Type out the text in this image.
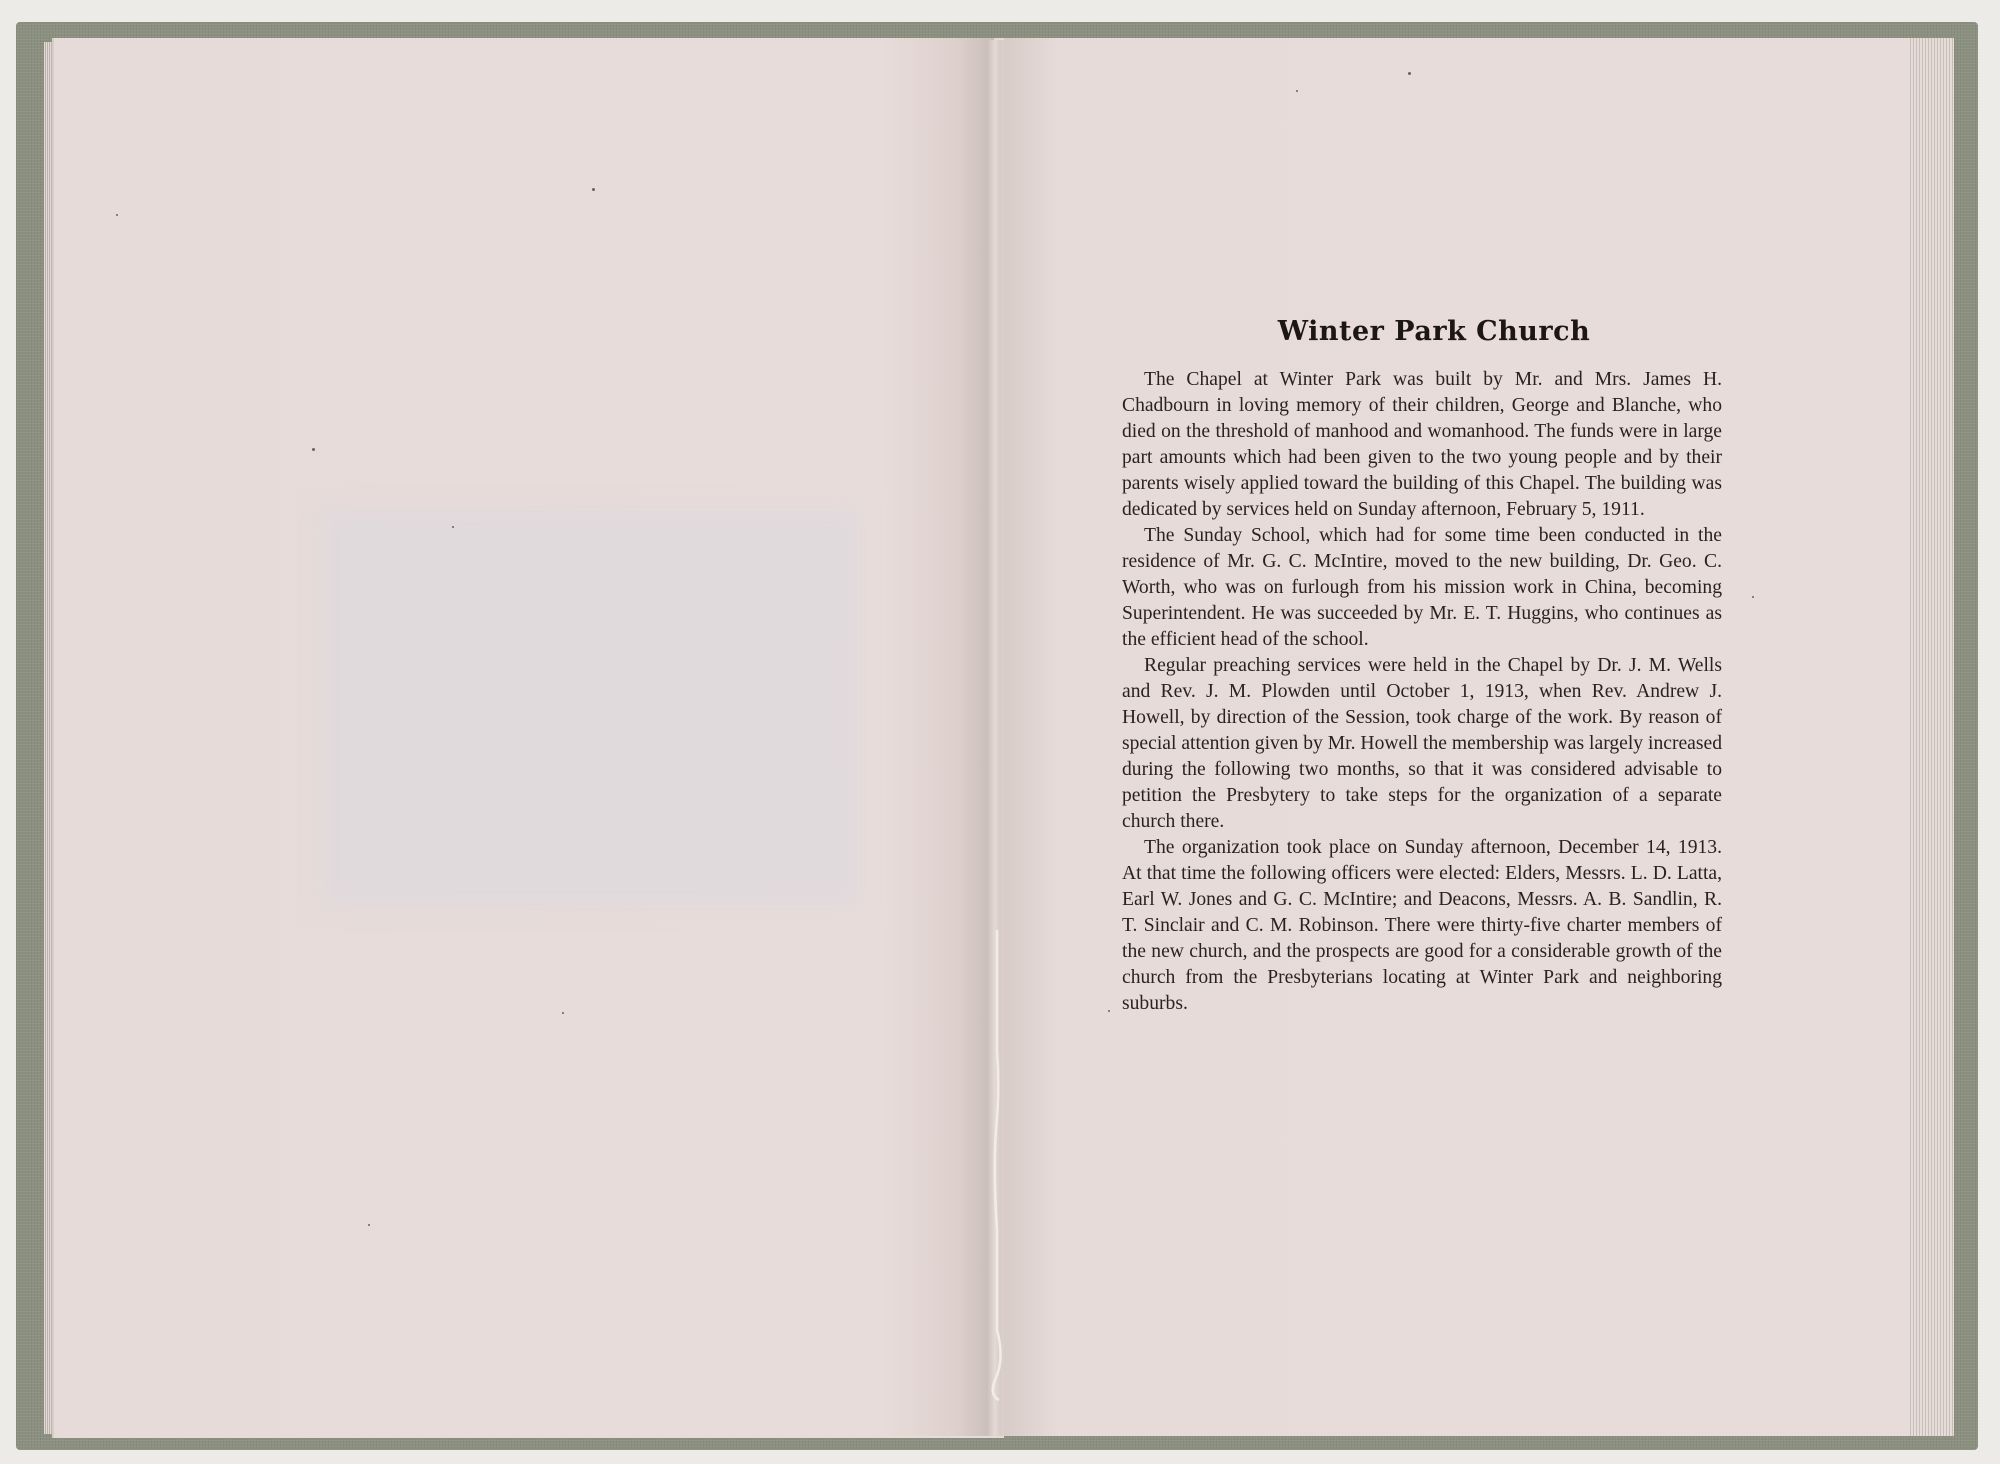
Winter Park Church

The Chapel at Winter Park was built by Mr. and Mrs. James H. Chadbourn in loving memory of their children, George and Blanche, who died on the threshold of manhood and womanhood. The funds were in large part amounts which had been given to the two young people and by their parents wisely applied toward the building of this Chapel. The building was dedicated by services held on Sunday afternoon, February 5, 1911.

The Sunday School, which had for some time been conducted in the residence of Mr. G. C. McIntire, moved to the new building, Dr. Geo. C. Worth, who was on furlough from his mission work in China, becoming Superintendent. He was succeeded by Mr. E. T. Huggins, who continues as the efficient head of the school.

Regular preaching services were held in the Chapel by Dr. J. M. Wells and Rev. J. M. Plowden until October 1, 1913, when Rev. Andrew J. Howell, by direction of the Session, took charge of the work. By reason of special attention given by Mr. Howell the membership was largely increased during the following two months, so that it was considered advisable to petition the Presbytery to take steps for the organization of a separate church there.

The organization took place on Sunday afternoon, December 14, 1913. At that time the following officers were elected: Elders, Messrs. L. D. Latta, Earl W. Jones and G. C. McIntire; and Deacons, Messrs. A. B. Sandlin, R. T. Sinclair and C. M. Robinson. There were thirty-five charter members of the new church, and the prospects are good for a considerable growth of the church from the Presbyterians locating at Winter Park and neighboring suburbs.
